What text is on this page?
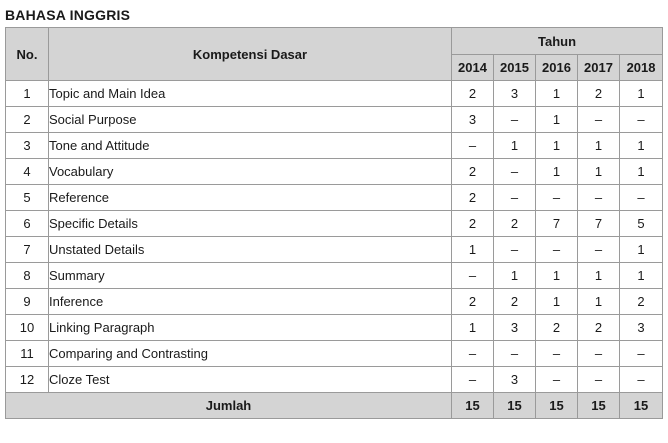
BAHASA INGGRIS
No.	Kompetensi Dasar	Tahun				
		2014	2015	2016	2017	2018
1	Topic and Main Idea	2	3	1	2	1
2	Social Purpose	3	–	1	–	–
3	Tone and Attitude	–	1	1	1	1
4	Vocabulary	2	–	1	1	1
5	Reference	2	–	–	–	–
6	Specific Details	2	2	7	7	5
7	Unstated Details	1	–	–	–	1
8	Summary	–	1	1	1	1
9	Inference	2	2	1	1	2
10	Linking Paragraph	1	3	2	2	3
11	Comparing and Contrasting	–	–	–	–	–
12	Cloze Test	–	3	–	–	–
Jumlah		15	15	15	15	15
